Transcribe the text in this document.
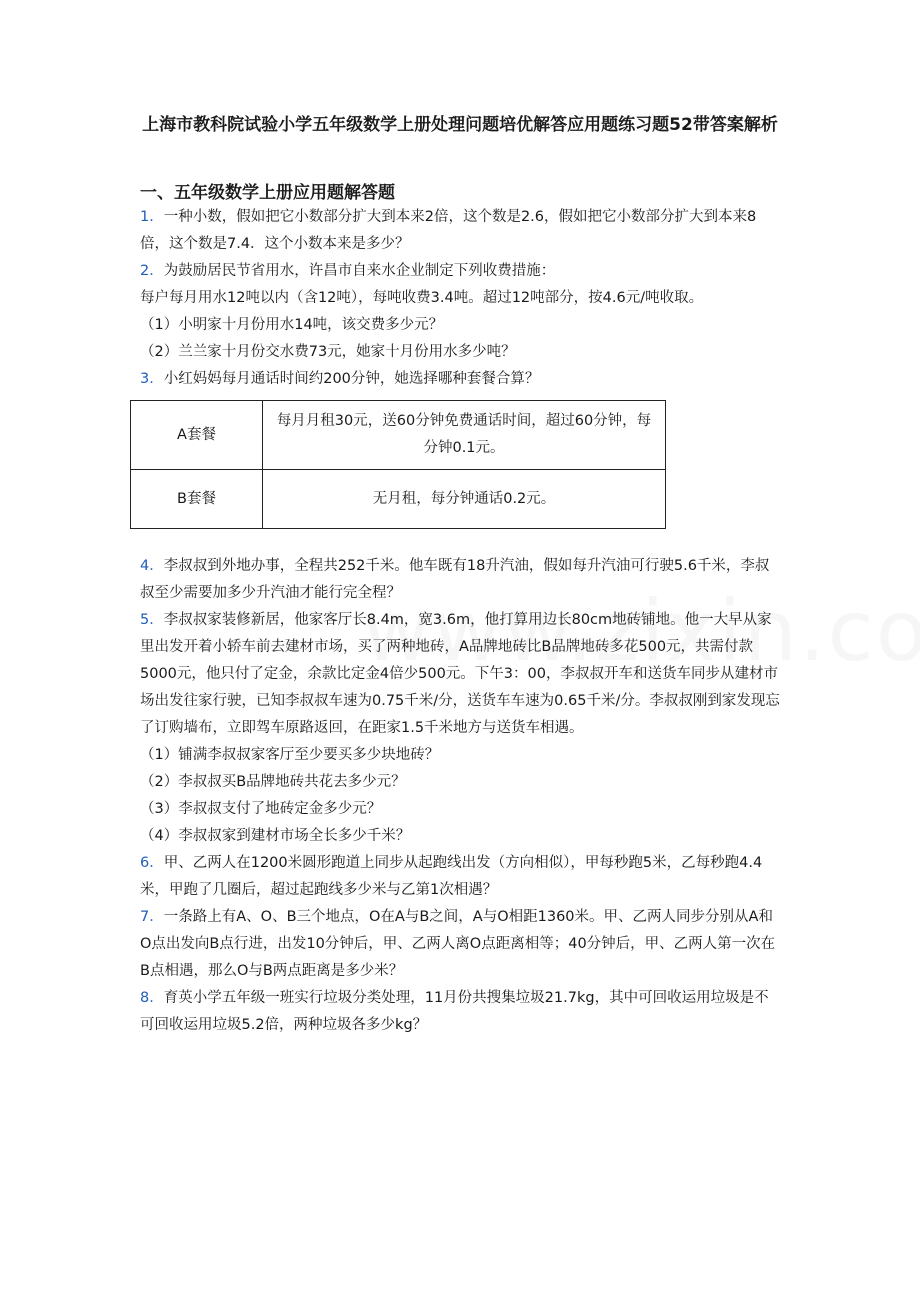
上海市教科院试验小学五年级数学上册处理问题培优解答应用题练习题52带答案解析
一、五年级数学上册应用题解答题

1．一种小数，假如把它小数部分扩大到本来2倍，这个数是2.6，假如把它小数部分扩大到本来8倍，这个数是7.4．这个小数本来是多少？

2．为鼓励居民节省用水，许昌市自来水企业制定下列收费措施：

每户每月用水12吨以内（含12吨），每吨收费3.4吨。超过12吨部分，按4.6元/吨收取。

（1）小明家十月份用水14吨，该交费多少元？

（2）兰兰家十月份交水费73元，她家十月份用水多少吨？

3．小红妈妈每月通话时间约200分钟，她选择哪种套餐合算？

A套餐	每月月租30元，送60分钟免费通话时间，超过60分钟，每分钟0.1元。
B套餐	无月租，每分钟通话0.2元。

4．李叔叔到外地办事，全程共252千米。他车既有18升汽油，假如每升汽油可行驶5.6千米，李叔叔至少需要加多少升汽油才能行完全程？

5．李叔叔家装修新居，他家客厅长8.4m，宽3.6m，他打算用边长80cm地砖铺地。他一大早从家里出发开着小轿车前去建材市场，买了两种地砖，A品牌地砖比B品牌地砖多花500元，共需付款5000元，他只付了定金，余款比定金4倍少500元。下午3：00，李叔叔开车和送货车同步从建材市场出发往家行驶，已知李叔叔车速为0.75千米/分，送货车车速为0.65千米/分。李叔叔刚到家发现忘了订购墙布，立即驾车原路返回，在距家1.5千米地方与送货车相遇。

（1）铺满李叔叔家客厅至少要买多少块地砖？

（2）李叔叔买B品牌地砖共花去多少元？

（3）李叔叔支付了地砖定金多少元？

（4）李叔叔家到建材市场全长多少千米？

6．甲、乙两人在1200米圆形跑道上同步从起跑线出发（方向相似），甲每秒跑5米，乙每秒跑4.4米，甲跑了几圈后，超过起跑线多少米与乙第1次相遇？

7．一条路上有A、O、B三个地点，O在A与B之间，A与O相距1360米。甲、乙两人同步分别从A和O点出发向B点行进，出发10分钟后，甲、乙两人离O点距离相等；40分钟后，甲、乙两人第一次在B点相遇，那么O与B两点距离是多少米？

8．育英小学五年级一班实行垃圾分类处理，11月份共搜集垃圾21.7kg，其中可回收运用垃圾是不可回收运用垃圾5.2倍，两种垃圾各多少kg？
